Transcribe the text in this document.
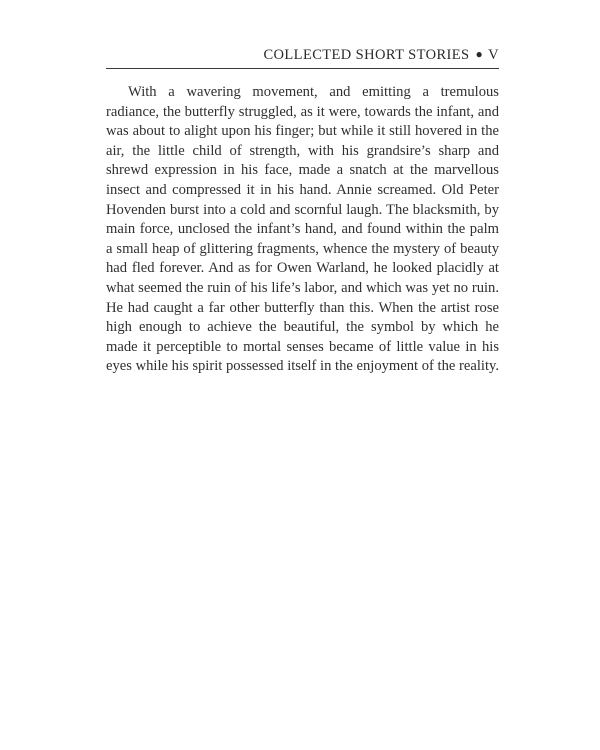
COLLECTED SHORT STORIES ● V

With a wavering movement, and emitting a tremulous radiance, the butterfly struggled, as it were, towards the infant, and was about to alight upon his finger; but while it still hovered in the air, the little child of strength, with his grandsire’s sharp and shrewd expression in his face, made a snatch at the marvellous insect and compressed it in his hand. Annie screamed. Old Peter Hovenden burst into a cold and scornful laugh. The blacksmith, by main force, unclosed the infant’s hand, and found within the palm a small heap of glittering fragments, whence the mystery of beauty had fled forever. And as for Owen Warland, he looked placidly at what seemed the ruin of his life’s labor, and which was yet no ruin. He had caught a far other butterfly than this. When the artist rose high enough to achieve the beautiful, the symbol by which he made it perceptible to mortal senses became of little value in his eyes while his spirit possessed itself in the enjoyment of the reality.
